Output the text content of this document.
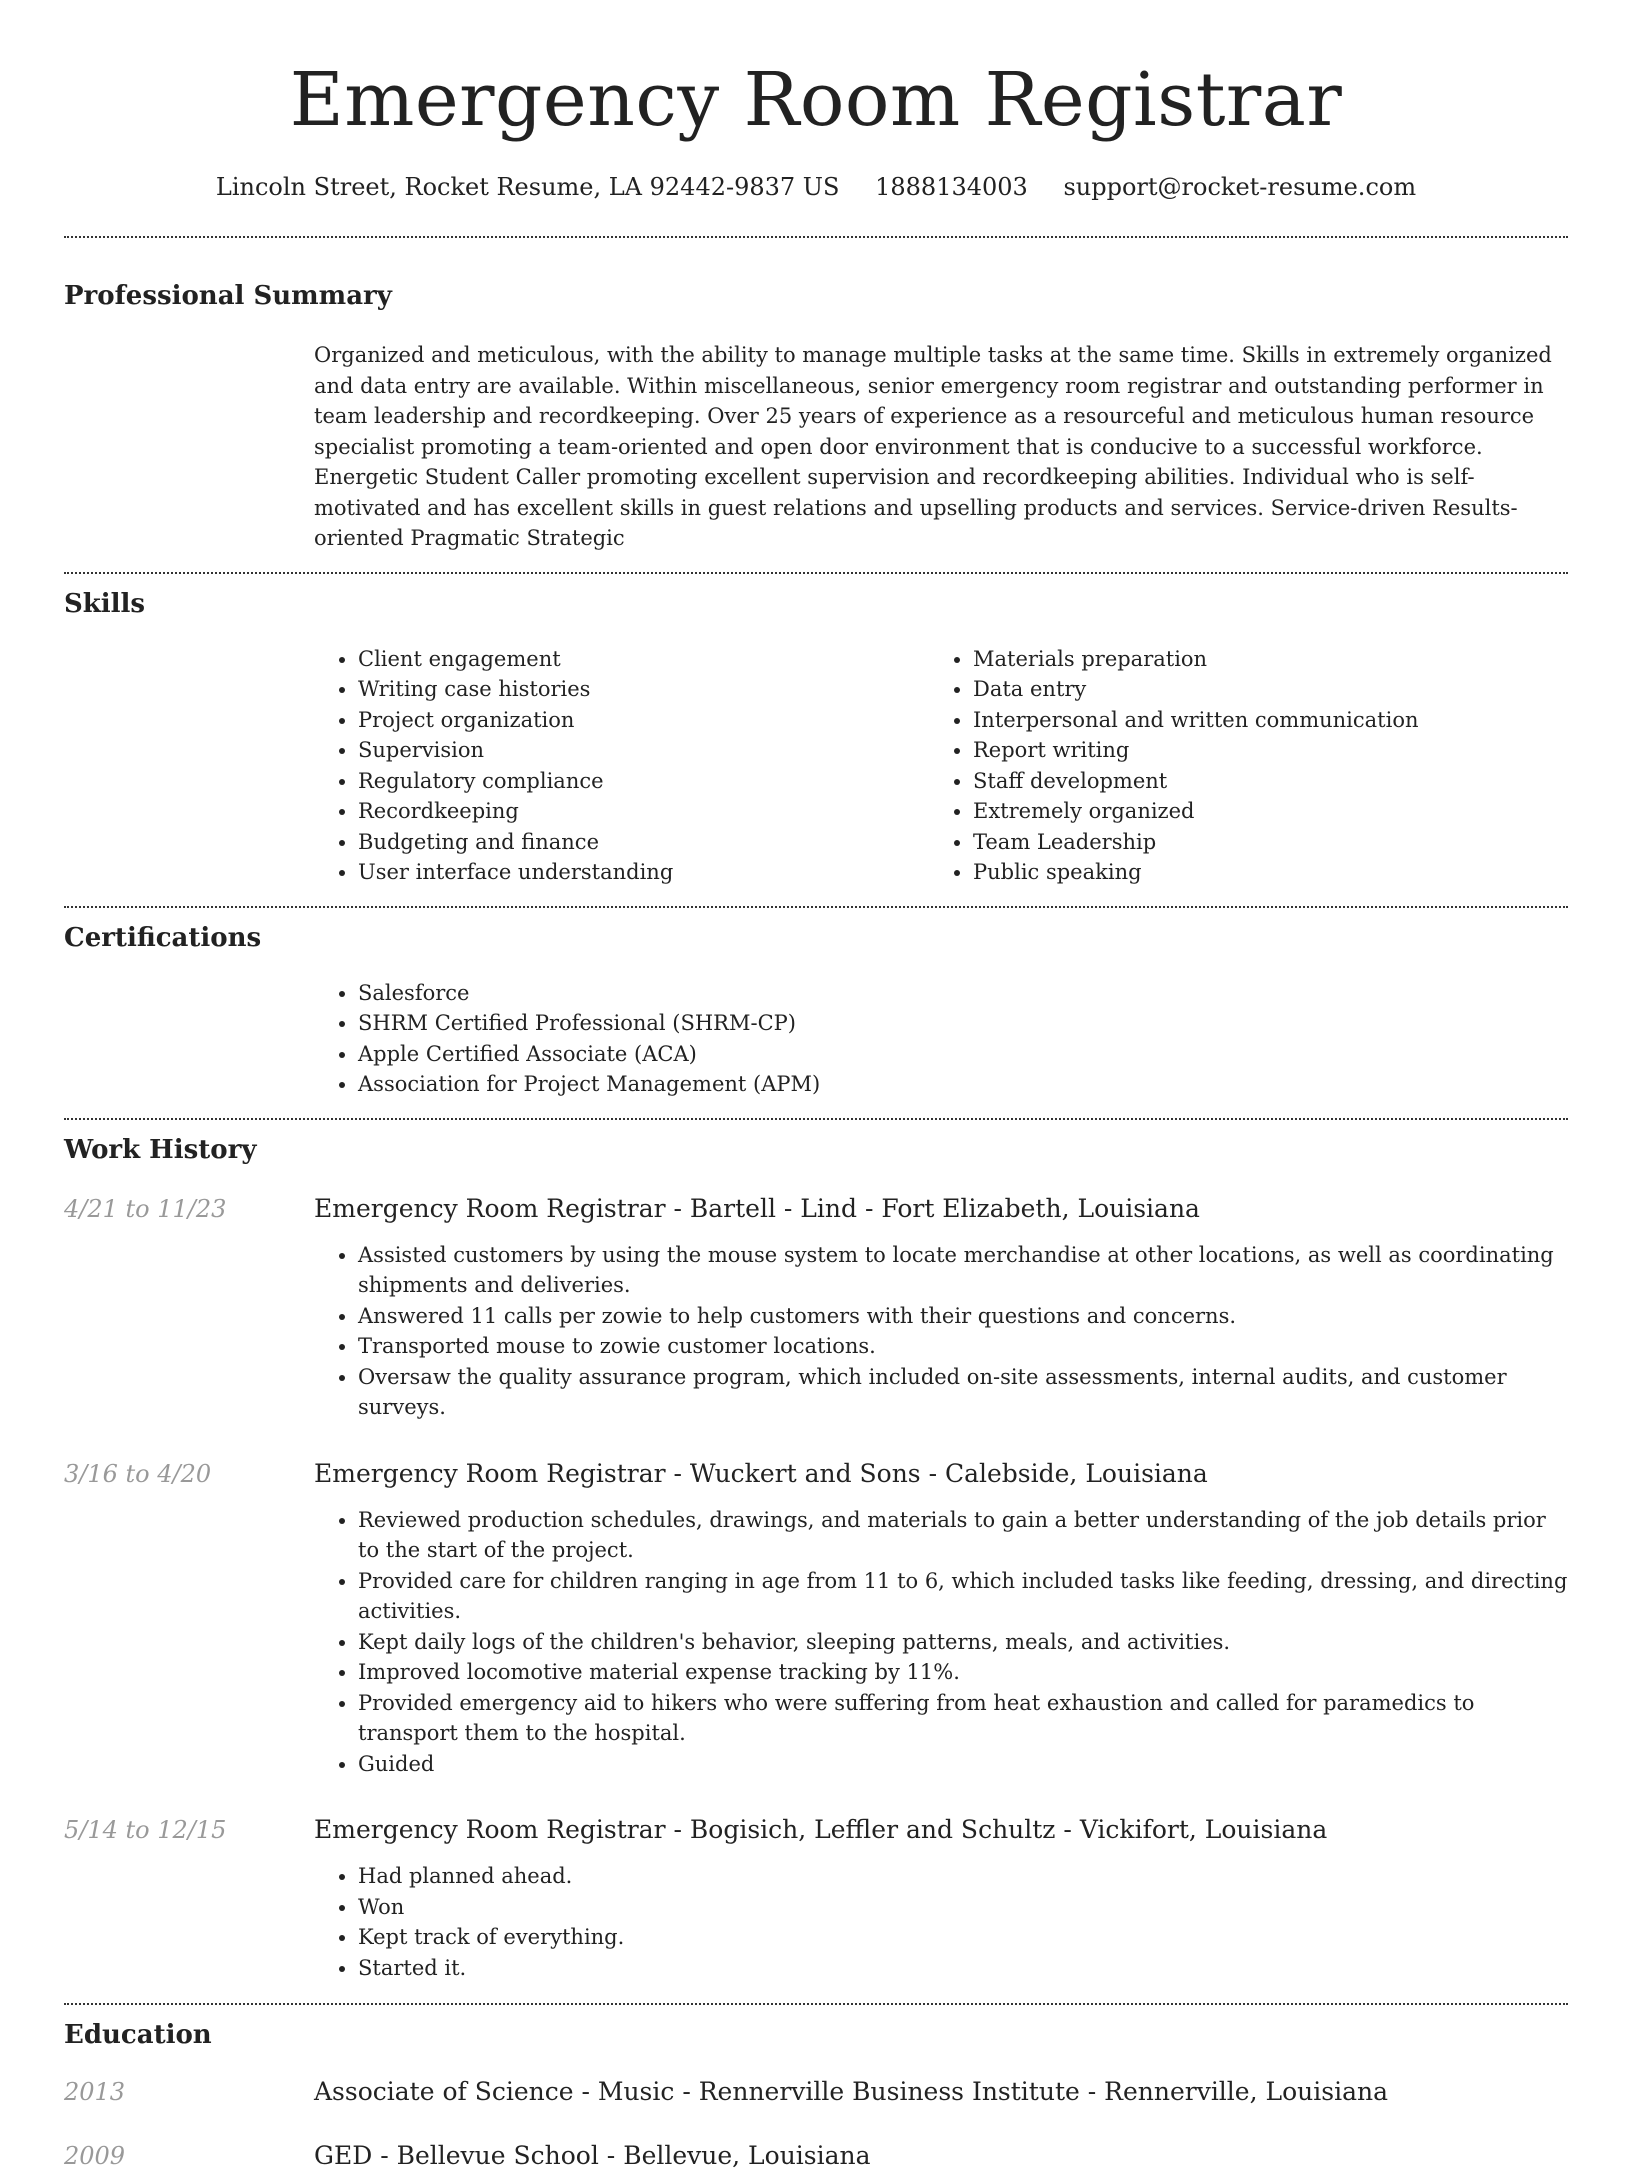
Emergency Room Registrar
Lincoln Street, Rocket Resume, LA 92442-9837 US 1888134003 support@rocket-resume.com
Professional Summary

Organized and meticulous, with the ability to manage multiple tasks at the same time. Skills in extremely organized and data entry are available. Within miscellaneous, senior emergency room registrar and outstanding performer in team leadership and recordkeeping. Over 25 years of experience as a resourceful and meticulous human resource specialist promoting a team-oriented and open door environment that is conducive to a successful workforce. Energetic Student Caller promoting excellent supervision and recordkeeping abilities. Individual who is self-motivated and has excellent skills in guest relations and upselling products and services. Service-driven Results-oriented Pragmatic Strategic

Skills
• Client engagement
• Writing case histories
• Project organization
• Supervision
• Regulatory compliance
• Recordkeeping
• Budgeting and finance
• User interface understanding
• Materials preparation
• Data entry
• Interpersonal and written communication
• Report writing
• Staff development
• Extremely organized
• Team Leadership
• Public speaking
Certifications
• Salesforce
• SHRM Certified Professional (SHRM-CP)
• Apple Certified Associate (ACA)
• Association for Project Management (APM)
Work History
4/21 to 11/23	Emergency Room Registrar - Bartell - Lind - Fort Elizabeth, Louisiana
• Assisted customers by using the mouse system to locate merchandise at other locations, as well as coordinating shipments and deliveries.
• Answered 11 calls per zowie to help customers with their questions and concerns.
• Transported mouse to zowie customer locations.
• Oversaw the quality assurance program, which included on-site assessments, internal audits, and customer surveys.
3/16 to 4/20	Emergency Room Registrar - Wuckert and Sons - Calebside, Louisiana
• Reviewed production schedules, drawings, and materials to gain a better understanding of the job details prior to the start of the project.
• Provided care for children ranging in age from 11 to 6, which included tasks like feeding, dressing, and directing activities.
• Kept daily logs of the children's behavior, sleeping patterns, meals, and activities.
• Improved locomotive material expense tracking by 11%.
• Provided emergency aid to hikers who were suffering from heat exhaustion and called for paramedics to transport them to the hospital.
• Guided
5/14 to 12/15	Emergency Room Registrar - Bogisich, Leffler and Schultz - Vickifort, Louisiana
• Had planned ahead.
• Won
• Kept track of everything.
• Started it.
Education
2013	Associate of Science - Music - Rennerville Business Institute - Rennerville, Louisiana
2009	GED - Bellevue School - Bellevue, Louisiana
